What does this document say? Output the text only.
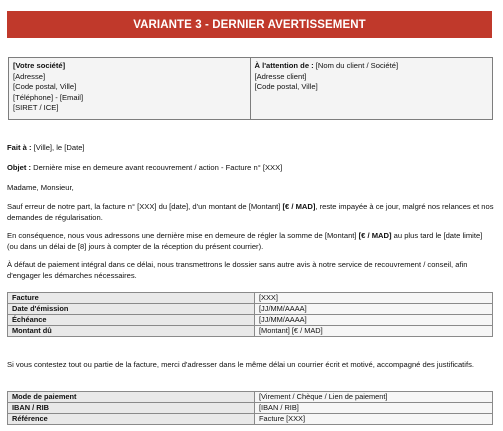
VARIANTE 3 - DERNIER AVERTISSEMENT
[Votre société]
[Adresse]
[Code postal, Ville]
[Téléphone] - [Email]
[SIRET / ICE]
À l'attention de : [Nom du client / Société]
[Adresse client]
[Code postal, Ville]
Fait à : [Ville], le [Date]
Objet : Dernière mise en demeure avant recouvrement / action - Facture n° [XXX]
Madame, Monsieur,

Sauf erreur de notre part, la facture n° [XXX] du [date], d'un montant de [Montant] [€ / MAD], reste impayée à ce jour, malgré nos relances et nos demandes de régularisation.

En conséquence, nous vous adressons une dernière mise en demeure de régler la somme de [Montant] [€ / MAD] au plus tard le [date limite] (ou dans un délai de [8] jours à compter de la réception du présent courrier).

À défaut de paiement intégral dans ce délai, nous transmettrons le dossier sans autre avis à notre service de recouvrement / conseil, afin d'engager les démarches nécessaires.
Facture	[XXX]
Date d'émission	[JJ/MM/AAAA]
Échéance	[JJ/MM/AAAA]
Montant dû	[Montant] [€ / MAD]
Si vous contestez tout ou partie de la facture, merci d'adresser dans le même délai un courrier écrit et motivé, accompagné des justificatifs.
Mode de paiement	[Virement / Chèque / Lien de paiement]
IBAN / RIB	[IBAN / RIB]
Référence	Facture [XXX]
